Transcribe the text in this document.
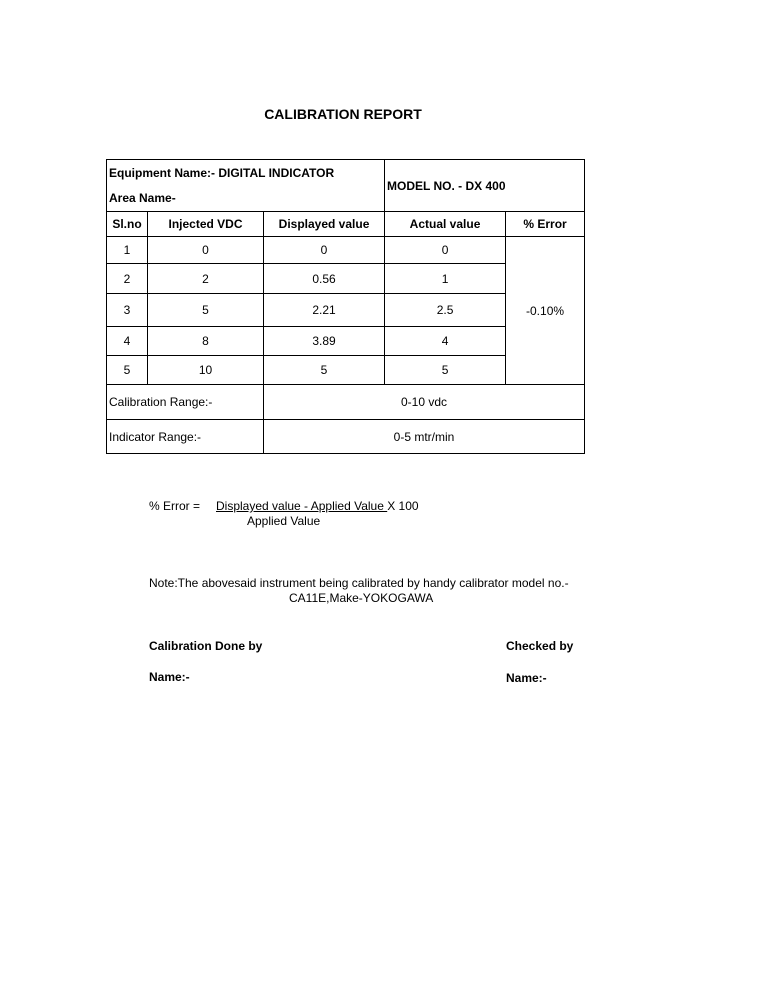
CALIBRATION REPORT
Equipment Name:- DIGITAL INDICATOR			MODEL NO. - DX 400	
Area Name-				
Sl.no	Injected VDC	Displayed value	Actual value	% Error
1	0	0	0	-0.10%
2	2	0.56	1	
3	5	2.21	2.5	
4	8	3.89	4	
5	10	5	5	
Calibration Range:-		0-10 vdc		
Indicator Range:-		0-5 mtr/min		
% Error = Displayed value - Applied Value X 100
Applied Value
Note:The abovesaid instrument being calibrated by handy calibrator model no.-
CA11E,Make-YOKOGAWA
Calibration Done by	Checked by
Name:-	Name:-
